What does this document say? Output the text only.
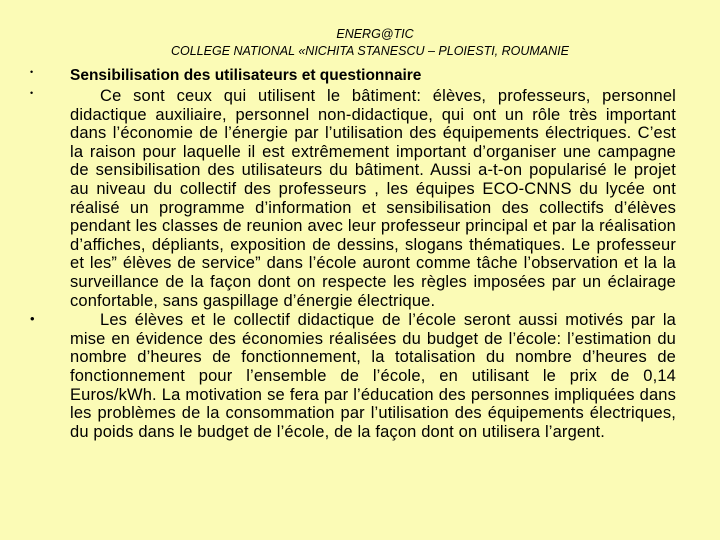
ENERG@TIC
COLLEGE NATIONAL «NICHITA STANESCU – PLOIESTI, ROUMANIE
• Sensibilisation des utilisateurs et questionnaire
•	Ce sont ceux qui utilisent le bâtiment: élèves, professeurs, personnel didactique auxiliaire, personnel non-didactique, qui ont un rôle très important dans l’économie de l’énergie par l’utilisation des équipements électriques. C’est la raison pour laquelle il est extrêmement important d’organiser une campagne de sensibilisation des utilisateurs du bâtiment. Aussi a-t-on popularisé le projet au niveau du collectif des professeurs , les équipes ECO-CNNS du lycée ont réalisé un programme d’information et sensibilisation des collectifs d’élèves pendant les classes de reunion avec leur professeur principal et par la réalisation d’affiches, dépliants, exposition de dessins, slogans thématiques. Le professeur et les” élèves de service” dans l’école auront comme tâche l’observation et la la surveillance de la façon dont on respecte les règles imposées par un éclairage confortable, sans gaspillage d’énergie électrique.
•	Les élèves et le collectif didactique de l’école seront aussi motivés par la mise en évidence des économies réalisées du budget de l’école: l’estimation du nombre d’heures de fonctionnement, la totalisation du nombre d’heures de fonctionnement pour l’ensemble de l’école, en utilisant le prix de 0,14 Euros/kWh. La motivation se fera par l’éducation des personnes impliquées dans les problèmes de la consommation par l’utilisation des équipements électriques, du poids dans le budget de l’école, de la façon dont on utilisera l’argent.
